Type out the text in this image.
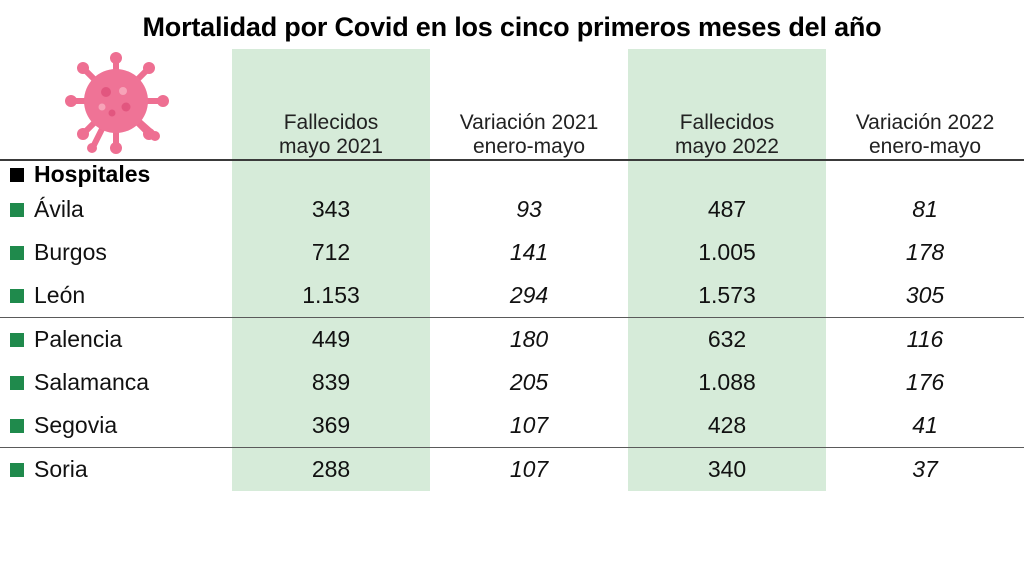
Mortalidad por Covid en los cinco primeros meses del año

Fallecidos
mayo 2021

Variación 2021
enero-mayo

Fallecidos
mayo 2022

Variación 2022
enero-mayo

Hospitales				

Ávila	343	93	487	81

Burgos	712	141	1.005	178

León	1.153	294	1.573	305

Palencia	449	180	632	116

Salamanca	839	205	1.088	176

Segovia	369	107	428	41

Soria	288	107	340	37
